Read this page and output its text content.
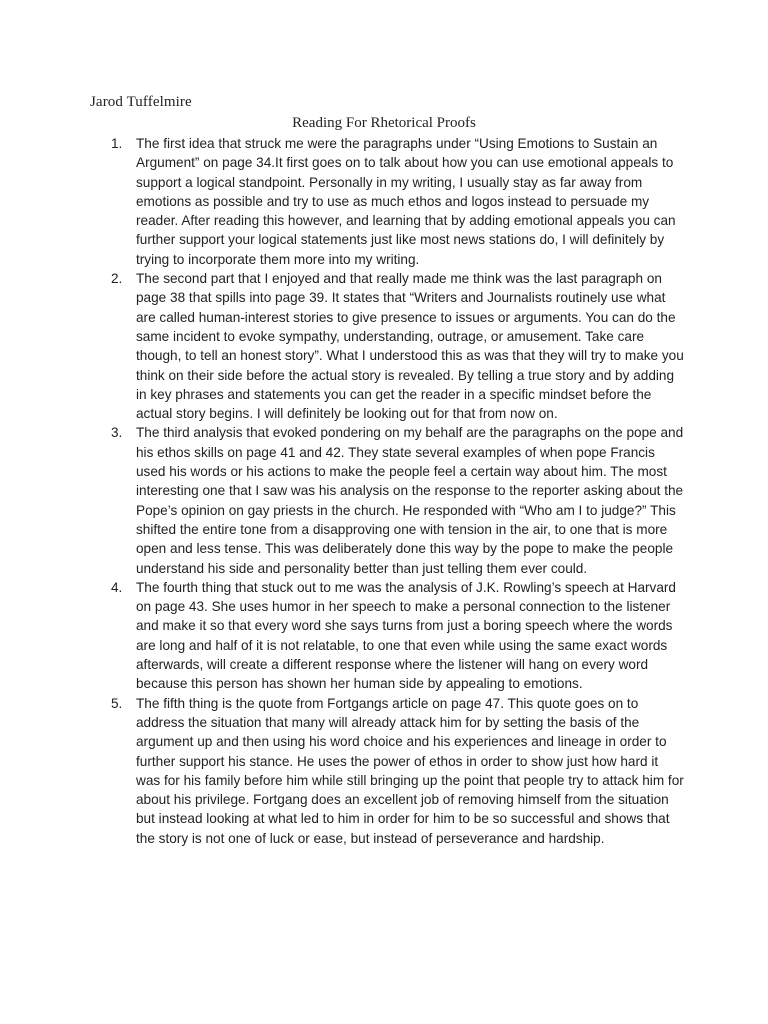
Jarod Tuffelmire

Reading For Rhetorical Proofs
1. The first idea that struck me were the paragraphs under “Using Emotions to Sustain an Argument” on page 34.It first goes on to talk about how you can use emotional appeals to support a logical standpoint. Personally in my writing, I usually stay as far away from emotions as possible and try to use as much ethos and logos instead to persuade my reader. After reading this however, and learning that by adding emotional appeals you can further support your logical statements just like most news stations do, I will definitely by trying to incorporate them more into my writing.
2. The second part that I enjoyed and that really made me think was the last paragraph on page 38 that spills into page 39. It states that “Writers and Journalists routinely use what are called human-interest stories to give presence to issues or arguments. You can do the same incident to evoke sympathy, understanding, outrage, or amusement. Take care though, to tell an honest story”. What I understood this as was that they will try to make you think on their side before the actual story is revealed. By telling a true story and by adding in key phrases and statements you can get the reader in a specific mindset before the actual story begins. I will definitely be looking out for that from now on.
3. The third analysis that evoked pondering on my behalf are the paragraphs on the pope and his ethos skills on page 41 and 42. They state several examples of when pope Francis used his words or his actions to make the people feel a certain way about him. The most interesting one that I saw was his analysis on the response to the reporter asking about the Pope’s opinion on gay priests in the church. He responded with “Who am I to judge?” This shifted the entire tone from a disapproving one with tension in the air, to one that is more open and less tense. This was deliberately done this way by the pope to make the people understand his side and personality better than just telling them ever could.
4. The fourth thing that stuck out to me was the analysis of J.K. Rowling’s speech at Harvard on page 43. She uses humor in her speech to make a personal connection to the listener and make it so that every word she says turns from just a boring speech where the words are long and half of it is not relatable, to one that even while using the same exact words afterwards, will create a different response where the listener will hang on every word because this person has shown her human side by appealing to emotions.
5. The fifth thing is the quote from Fortgangs article on page 47. This quote goes on to address the situation that many will already attack him for by setting the basis of the argument up and then using his word choice and his experiences and lineage in order to further support his stance. He uses the power of ethos in order to show just how hard it was for his family before him while still bringing up the point that people try to attack him for about his privilege. Fortgang does an excellent job of removing himself from the situation but instead looking at what led to him in order for him to be so successful and shows that the story is not one of luck or ease, but instead of perseverance and hardship.
